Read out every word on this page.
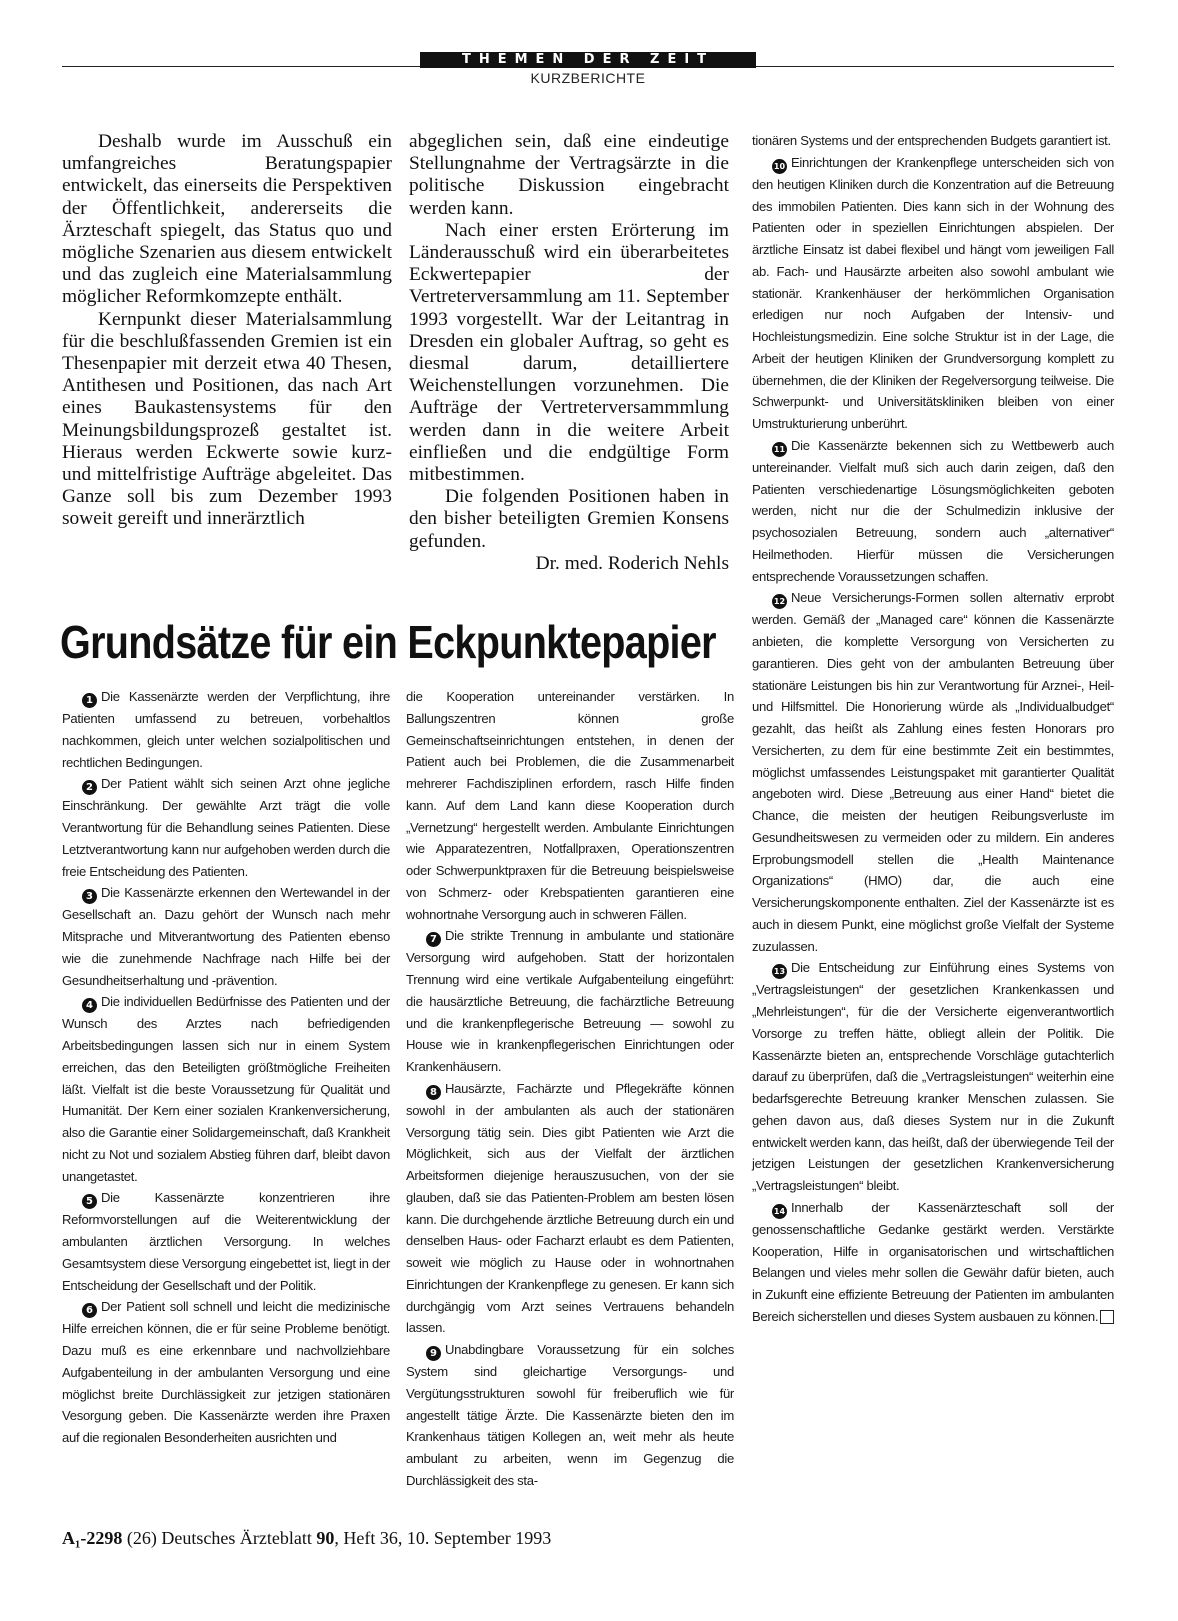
THEMEN DER ZEIT
KURZBERICHTE

Deshalb wurde im Ausschuß ein umfangreiches Beratungspapier entwickelt, das einerseits die Perspektiven der Öffentlichkeit, andererseits die Ärzteschaft spiegelt, das Status quo und mögliche Szenarien aus diesem entwickelt und das zugleich eine Materialsammlung möglicher Reformkomzepte enthält.

Kernpunkt dieser Materialsammlung für die beschlußfassenden Gremien ist ein Thesenpapier mit derzeit etwa 40 Thesen, Antithesen und Positionen, das nach Art eines Baukastensystems für den Meinungsbildungsprozeß gestaltet ist. Hieraus werden Eckwerte sowie kurz- und mittelfristige Aufträge abgeleitet. Das Ganze soll bis zum Dezember 1993 soweit gereift und innerärztlich

abgeglichen sein, daß eine eindeutige Stellungnahme der Vertragsärzte in die politische Diskussion eingebracht werden kann.

Nach einer ersten Erörterung im Länderausschuß wird ein überarbeitetes Eckwertepapier der Vertreterversammlung am 11. September 1993 vorgestellt. War der Leitantrag in Dresden ein globaler Auftrag, so geht es diesmal darum, detailliertere Weichenstellungen vorzunehmen. Die Aufträge der Vertreterversammmlung werden dann in die weitere Arbeit einfließen und die endgültige Form mitbestimmen.

Die folgenden Positionen haben in den bisher beteiligten Gremien Konsens gefunden.

Dr. med. Roderich Nehls

Grundsätze für ein Eckpunktepapier

1 Die Kassenärzte werden der Verpflichtung, ihre Patienten umfassend zu betreuen, vorbehaltlos nachkommen, gleich unter welchen sozialpolitischen und rechtlichen Bedingungen.

2 Der Patient wählt sich seinen Arzt ohne jegliche Einschränkung. Der gewählte Arzt trägt die volle Verantwortung für die Behandlung seines Patienten. Diese Letztverantwortung kann nur aufgehoben werden durch die freie Entscheidung des Patienten.

3 Die Kassenärzte erkennen den Wertewandel in der Gesellschaft an. Dazu gehört der Wunsch nach mehr Mitsprache und Mitverantwortung des Patienten ebenso wie die zunehmende Nachfrage nach Hilfe bei der Gesundheitserhaltung und -prävention.

4 Die individuellen Bedürfnisse des Patienten und der Wunsch des Arztes nach befriedigenden Arbeitsbedingungen lassen sich nur in einem System erreichen, das den Beteiligten größtmögliche Freiheiten läßt. Vielfalt ist die beste Voraussetzung für Qualität und Humanität. Der Kern einer sozialen Krankenversicherung, also die Garantie einer Solidargemeinschaft, daß Krankheit nicht zu Not und sozialem Abstieg führen darf, bleibt davon unangetastet.

5 Die Kassenärzte konzentrieren ihre Reformvorstellungen auf die Weiterentwicklung der ambulanten ärztlichen Versorgung. In welches Gesamtsystem diese Versorgung eingebettet ist, liegt in der Entscheidung der Gesellschaft und der Politik.

6 Der Patient soll schnell und leicht die medizinische Hilfe erreichen können, die er für seine Probleme benötigt. Dazu muß es eine erkennbare und nachvollziehbare Aufgabenteilung in der ambulanten Versorgung und eine möglichst breite Durchlässigkeit zur jetzigen stationären Vesorgung geben. Die Kassenärzte werden ihre Praxen auf die regionalen Besonderheiten ausrichten und

die Kooperation untereinander verstärken. In Ballungszentren können große Gemeinschaftseinrichtungen entstehen, in denen der Patient auch bei Problemen, die die Zusammenarbeit mehrerer Fachdisziplinen erfordern, rasch Hilfe finden kann. Auf dem Land kann diese Kooperation durch „Vernetzung“ hergestellt werden. Ambulante Einrichtungen wie Apparatezentren, Notfallpraxen, Operationszentren oder Schwerpunktpraxen für die Betreuung beispielsweise von Schmerz- oder Krebspatienten garantieren eine wohnortnahe Versorgung auch in schweren Fällen.

7 Die strikte Trennung in ambulante und stationäre Versorgung wird aufgehoben. Statt der horizontalen Trennung wird eine vertikale Aufgabenteilung eingeführt: die hausärztliche Betreuung, die fachärztliche Betreuung und die krankenpflegerische Betreuung — sowohl zu House wie in krankenpflegerischen Einrichtungen oder Krankenhäusern.

8 Hausärzte, Fachärzte und Pflegekräfte können sowohl in der ambulanten als auch der stationären Versorgung tätig sein. Dies gibt Patienten wie Arzt die Möglichkeit, sich aus der Vielfalt der ärztlichen Arbeitsformen diejenige herauszusuchen, von der sie glauben, daß sie das Patienten-Problem am besten lösen kann. Die durchgehende ärztliche Betreuung durch ein und denselben Haus- oder Facharzt erlaubt es dem Patienten, soweit wie möglich zu Hause oder in wohnortnahen Einrichtungen der Krankenpflege zu genesen. Er kann sich durchgängig vom Arzt seines Vertrauens behandeln lassen.

9 Unabdingbare Voraussetzung für ein solches System sind gleichartige Versorgungs- und Vergütungsstrukturen sowohl für freiberuflich wie für angestellt tätige Ärzte. Die Kassenärzte bieten den im Krankenhaus tätigen Kollegen an, weit mehr als heute ambulant zu arbeiten, wenn im Gegenzug die Durchlässigkeit des sta-

tionären Systems und der entsprechenden Budgets garantiert ist.

10 Einrichtungen der Krankenpflege unterscheiden sich von den heutigen Kliniken durch die Konzentration auf die Betreuung des immobilen Patienten. Dies kann sich in der Wohnung des Patienten oder in speziellen Einrichtungen abspielen. Der ärztliche Einsatz ist dabei flexibel und hängt vom jeweiligen Fall ab. Fach- und Hausärzte arbeiten also sowohl ambulant wie stationär. Krankenhäuser der herkömmlichen Organisation erledigen nur noch Aufgaben der Intensiv- und Hochleistungsmedizin. Eine solche Struktur ist in der Lage, die Arbeit der heutigen Kliniken der Grundversorgung komplett zu übernehmen, die der Kliniken der Regelversorgung teilweise. Die Schwerpunkt- und Universitätskliniken bleiben von einer Umstrukturierung unberührt.

11 Die Kassenärzte bekennen sich zu Wettbewerb auch untereinander. Vielfalt muß sich auch darin zeigen, daß den Patienten verschiedenartige Lösungsmöglichkeiten geboten werden, nicht nur die der Schulmedizin inklusive der psychosozialen Betreuung, sondern auch „alternativer“ Heilmethoden. Hierfür müssen die Versicherungen entsprechende Voraussetzungen schaffen.

12 Neue Versicherungs-Formen sollen alternativ erprobt werden. Gemäß der „Managed care“ können die Kassenärzte anbieten, die komplette Versorgung von Versicherten zu garantieren. Dies geht von der ambulanten Betreuung über stationäre Leistungen bis hin zur Verantwortung für Arznei-, Heil- und Hilfsmittel. Die Honorierung würde als „Individualbudget“ gezahlt, das heißt als Zahlung eines festen Honorars pro Versicherten, zu dem für eine bestimmte Zeit ein bestimmtes, möglichst umfassendes Leistungspaket mit garantierter Qualität angeboten wird. Diese „Betreuung aus einer Hand“ bietet die Chance, die meisten der heutigen Reibungsverluste im Gesundheitswesen zu vermeiden oder zu mildern. Ein anderes Erprobungsmodell stellen die „Health Maintenance Organizations“ (HMO) dar, die auch eine Versicherungskomponente enthalten. Ziel der Kassenärzte ist es auch in diesem Punkt, eine möglichst große Vielfalt der Systeme zuzulassen.

13 Die Entscheidung zur Einführung eines Systems von „Vertragsleistungen“ der gesetzlichen Krankenkassen und „Mehrleistungen“, für die der Versicherte eigenverantwortlich Vorsorge zu treffen hätte, obliegt allein der Politik. Die Kassenärzte bieten an, entsprechende Vorschläge gutachterlich darauf zu überprüfen, daß die „Vertragsleistungen“ weiterhin eine bedarfsgerechte Betreuung kranker Menschen zulassen. Sie gehen davon aus, daß dieses System nur in die Zukunft entwickelt werden kann, das heißt, daß der überwiegende Teil der jetzigen Leistungen der gesetzlichen Krankenversicherung „Vertragsleistungen“ bleibt.

14 Innerhalb der Kassenärzteschaft soll der genossenschaftliche Gedanke gestärkt werden. Verstärkte Kooperation, Hilfe in organisatorischen und wirtschaftlichen Belangen und vieles mehr sollen die Gewähr dafür bieten, auch in Zukunft eine effiziente Betreuung der Patienten im ambulanten Bereich sicherstellen und dieses System ausbauen zu können.

A₁-2298 (26) Deutsches Ärzteblatt 90, Heft 36, 10. September 1993
